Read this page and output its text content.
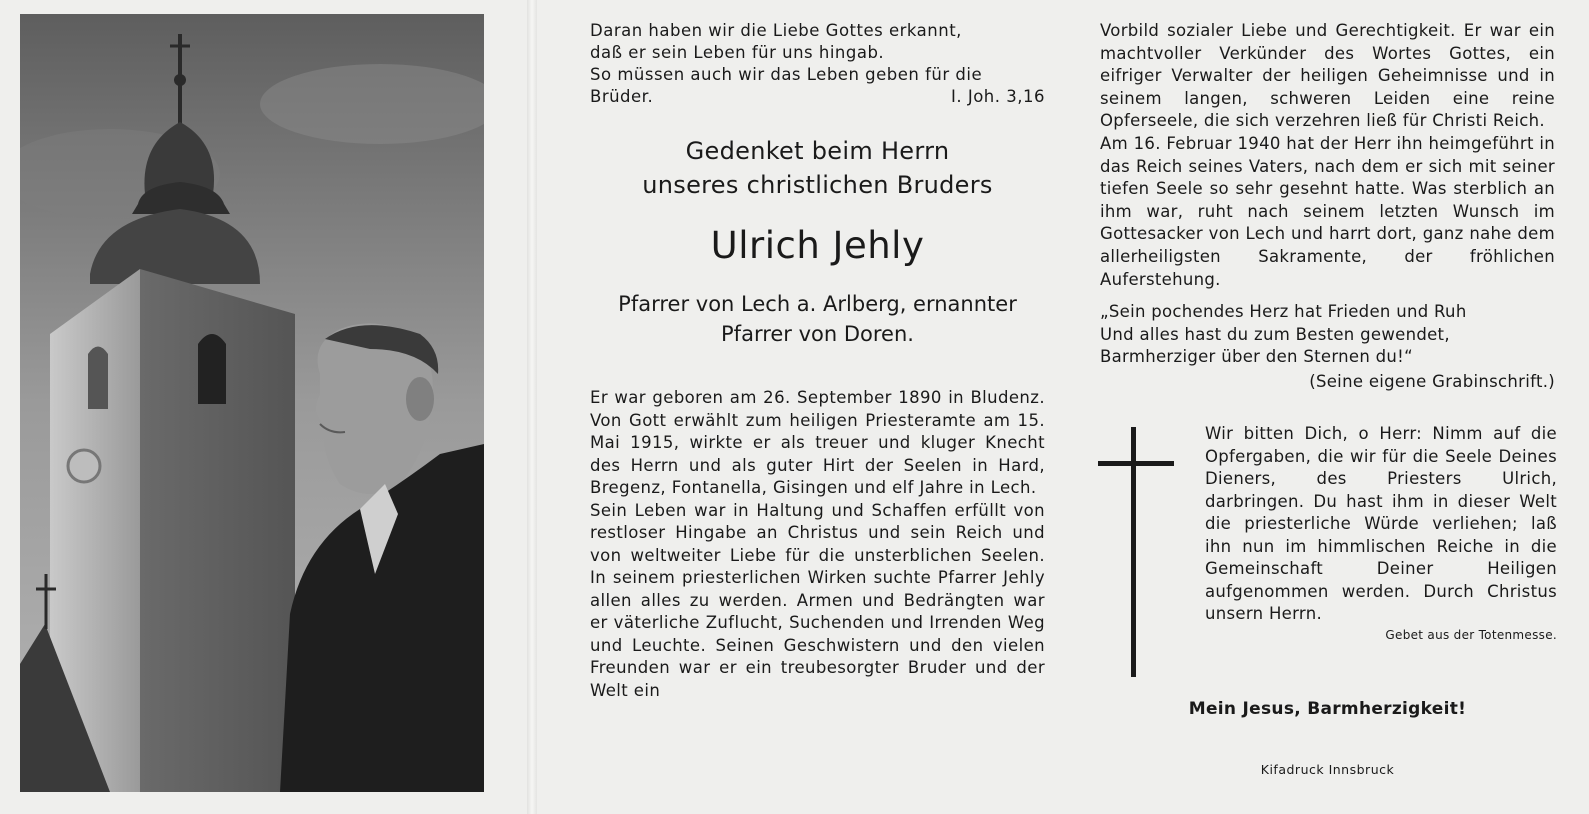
Daran haben wir die Liebe Gottes erkannt,

daß er sein Leben für uns hingab.

So müssen auch wir das Leben geben für die

Brüder.	I. Joh. 3,16

Gedenket beim Herrn
unseres christlichen Bruders
Ulrich Jehly
Pfarrer von Lech a. Arlberg, ernannter
Pfarrer von Doren.

Er war geboren am 26. September 1890 in Bludenz. Von Gott erwählt zum heiligen Priesteramte am 15. Mai 1915, wirkte er als treuer und kluger Knecht des Herrn und als guter Hirt der Seelen in Hard, Bregenz, Fontanella, Gisingen und elf Jahre in Lech.

Sein Leben war in Haltung und Schaffen erfüllt von restloser Hingabe an Christus und sein Reich und von weltweiter Liebe für die unsterblichen Seelen. In seinem priesterlichen Wirken suchte Pfarrer Jehly allen alles zu werden. Armen und Bedrängten war er väterliche Zuflucht, Suchenden und Irrenden Weg und Leuchte. Seinen Geschwistern und den vielen Freunden war er ein treubesorgter Bruder und der Welt ein

Vorbild sozialer Liebe und Gerechtigkeit. Er war ein machtvoller Verkünder des Wortes Gottes, ein eifriger Verwalter der heiligen Geheimnisse und in seinem langen, schweren Leiden eine reine Opferseele, die sich verzehren ließ für Christi Reich.

Am 16. Februar 1940 hat der Herr ihn heimgeführt in das Reich seines Vaters, nach dem er sich mit seiner tiefen Seele so sehr gesehnt hatte. Was sterblich an ihm war, ruht nach seinem letzten Wunsch im Gottesacker von Lech und harrt dort, ganz nahe dem allerheiligsten Sakramente, der fröhlichen Auferstehung.

„Sein pochendes Herz hat Frieden und Ruh
Und alles hast du zum Besten gewendet,
Barmherziger über den Sternen du!“
(Seine eigene Grabinschrift.)

Wir bitten Dich, o Herr: Nimm auf die Opfergaben, die wir für die Seele Deines Dieners, des Priesters Ulrich, darbringen. Du hast ihm in dieser Welt die priesterliche Würde verliehen; laß ihn nun im himmlischen Reiche in die Gemeinschaft Deiner Heiligen aufgenommen werden. Durch Christus unsern Herrn.

Gebet aus der Totenmesse.
Mein Jesus, Barmherzigkeit!
Kifadruck Innsbruck
